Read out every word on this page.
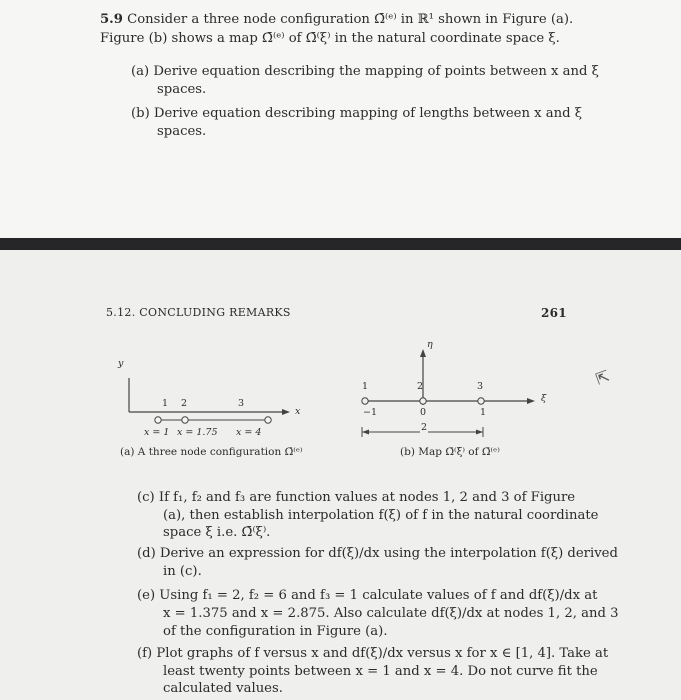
5.9 Consider a three node configuration Ω̄⁽ᵉ⁾ in ℝ¹ shown in Figure (a).
Figure (b) shows a map Ω̄⁽ᵉ⁾ of Ω̄⁽ξ⁾ in the natural coordinate space ξ.
(a) Derive equation describing the mapping of points between x and ξ
spaces.
(b) Derive equation describing mapping of lengths between x and ξ
spaces.
5.12. CONCLUDING REMARKS	261
y
x
1 2	3
x = 1 x = 1.75 x = 4
(a) A three node configuration Ω̄⁽ᵉ⁾
η
ξ
1	2	3
−1	0	1
2
(b) Map Ω̄⁽ξ⁾ of Ω̄⁽ᵉ⁾
⇱
(c) If f₁, f₂ and f₃ are function values at nodes 1, 2 and 3 of Figure
(a), then establish interpolation f(ξ) of f in the natural coordinate
space ξ i.e. Ω̄⁽ξ⁾.
(d) Derive an expression for df(ξ)/dx using the interpolation f(ξ) derived
in (c).
(e) Using f₁ = 2, f₂ = 6 and f₃ = 1 calculate values of f and df(ξ)/dx at
x = 1.375 and x = 2.875. Also calculate df(ξ)/dx at nodes 1, 2, and 3
of the configuration in Figure (a).
(f) Plot graphs of f versus x and df(ξ)/dx versus x for x ∈ [1, 4]. Take at
least twenty points between x = 1 and x = 4. Do not curve fit the
calculated values.
